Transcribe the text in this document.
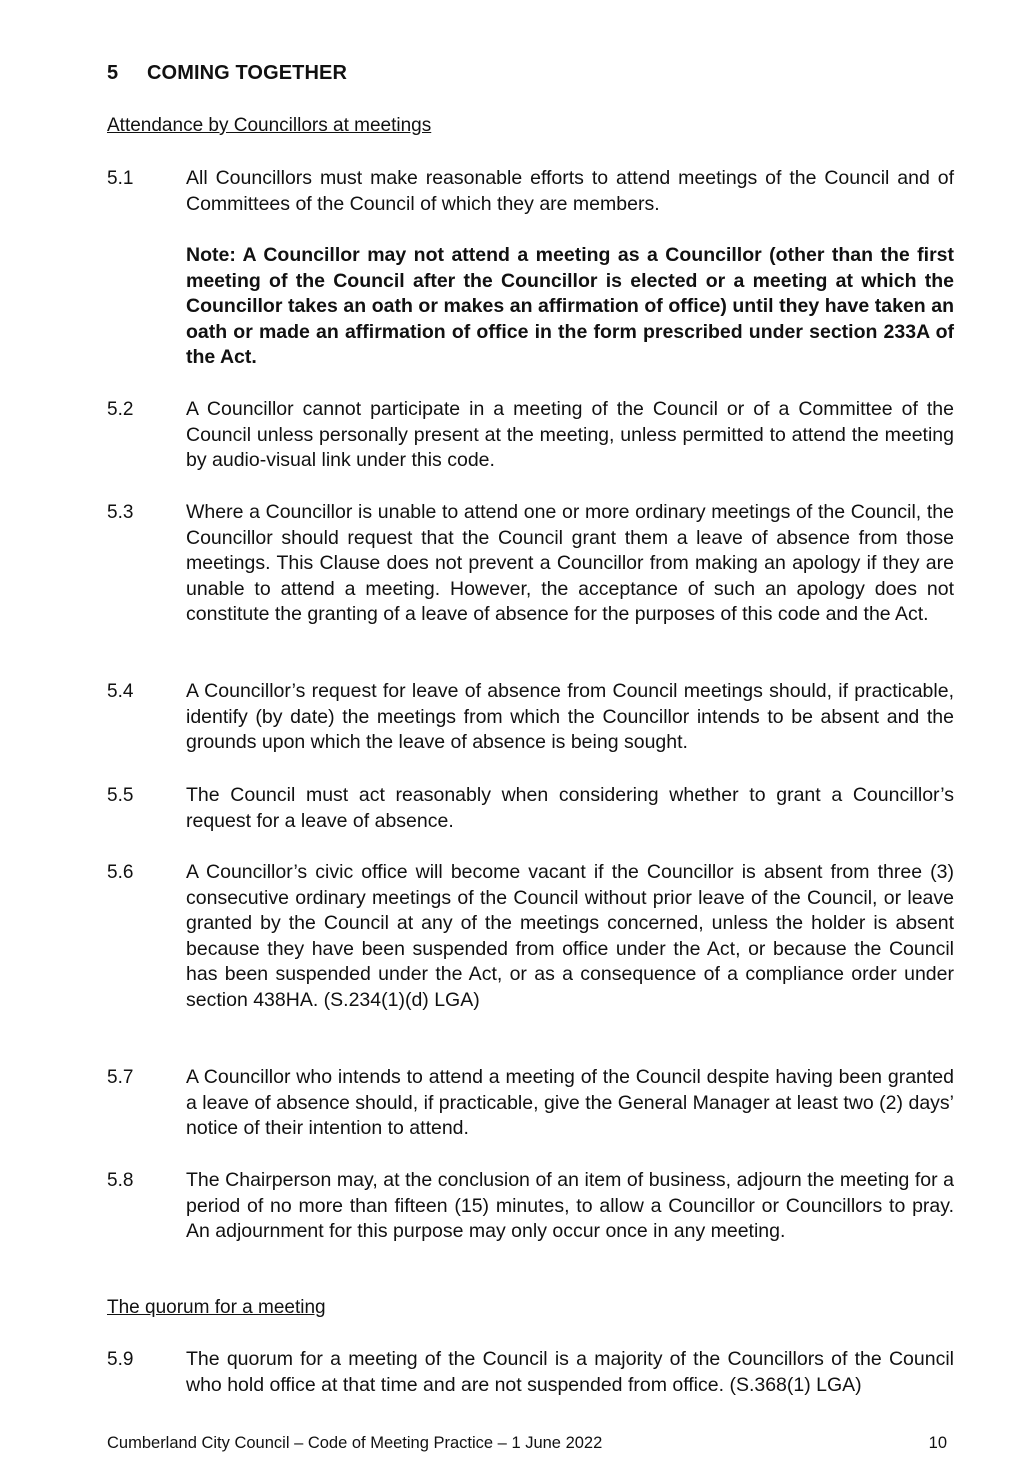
5 COMING TOGETHER
Attendance by Councillors at meetings
5.1	All Councillors must make reasonable efforts to attend meetings of the Council and of Committees of the Council of which they are members.
Note: A Councillor may not attend a meeting as a Councillor (other than the first meeting of the Council after the Councillor is elected or a meeting at which the Councillor takes an oath or makes an affirmation of office) until they have taken an oath or made an affirmation of office in the form prescribed under section 233A of the Act.
5.2	A Councillor cannot participate in a meeting of the Council or of a Committee of the Council unless personally present at the meeting, unless permitted to attend the meeting by audio-visual link under this code.
5.3	Where a Councillor is unable to attend one or more ordinary meetings of the Council, the Councillor should request that the Council grant them a leave of absence from those meetings. This Clause does not prevent a Councillor from making an apology if they are unable to attend a meeting. However, the acceptance of such an apology does not constitute the granting of a leave of absence for the purposes of this code and the Act.
5.4	A Councillor’s request for leave of absence from Council meetings should, if practicable, identify (by date) the meetings from which the Councillor intends to be absent and the grounds upon which the leave of absence is being sought.
5.5	The Council must act reasonably when considering whether to grant a Councillor’s request for a leave of absence.
5.6	A Councillor’s civic office will become vacant if the Councillor is absent from three (3) consecutive ordinary meetings of the Council without prior leave of the Council, or leave granted by the Council at any of the meetings concerned, unless the holder is absent because they have been suspended from office under the Act, or because the Council has been suspended under the Act, or as a consequence of a compliance order under section 438HA. (S.234(1)(d) LGA)
5.7	A Councillor who intends to attend a meeting of the Council despite having been granted a leave of absence should, if practicable, give the General Manager at least two (2) days’ notice of their intention to attend.
5.8	The Chairperson may, at the conclusion of an item of business, adjourn the meeting for a period of no more than fifteen (15) minutes, to allow a Councillor or Councillors to pray. An adjournment for this purpose may only occur once in any meeting.
The quorum for a meeting
5.9	The quorum for a meeting of the Council is a majority of the Councillors of the Council who hold office at that time and are not suspended from office. (S.368(1) LGA)
Cumberland City Council – Code of Meeting Practice – 1 June 2022	10
